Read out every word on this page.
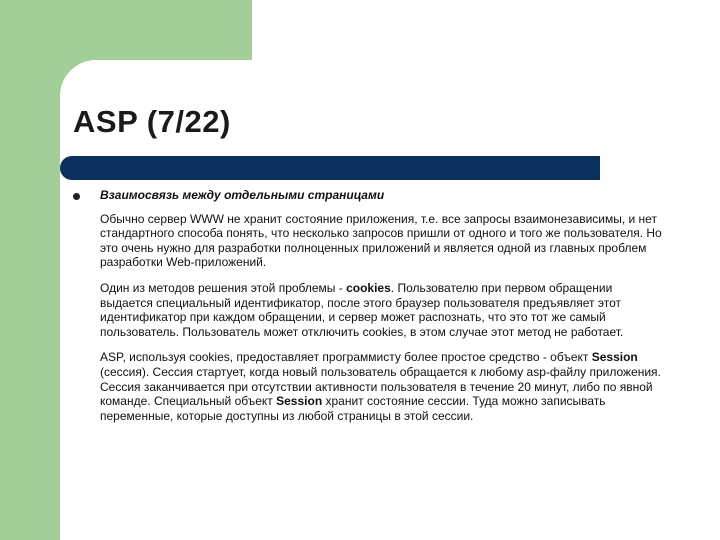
ASP (7/22)

Взаимосвязь между отдельными страницами

Обычно сервер WWW не хранит состояние приложения, т.е. все запросы взаимонезависимы, и нет стандартного способа понять, что несколько запросов пришли от одного и того же пользователя. Но это очень нужно для разработки полноценных приложений и является одной из главных проблем разработки Web-приложений.

Один из методов решения этой проблемы - cookies. Пользователю при первом обращении выдается специальный идентификатор, после этого браузер пользователя предъявляет этот идентификатор при каждом обращении, и сервер может распознать, что это тот же самый пользователь. Пользователь может отключить cookies, в этом случае этот метод не работает.

ASP, используя cookies, предоставляет программисту более простое средство - объект Session (сессия). Сессия стартует, когда новый пользователь обращается к любому asp-файлу приложения. Сессия заканчивается при отсутствии активности пользователя в течение 20 минут, либо по явной команде. Специальный объект Session хранит состояние сессии. Туда можно записывать переменные, которые доступны из любой страницы в этой сессии.
